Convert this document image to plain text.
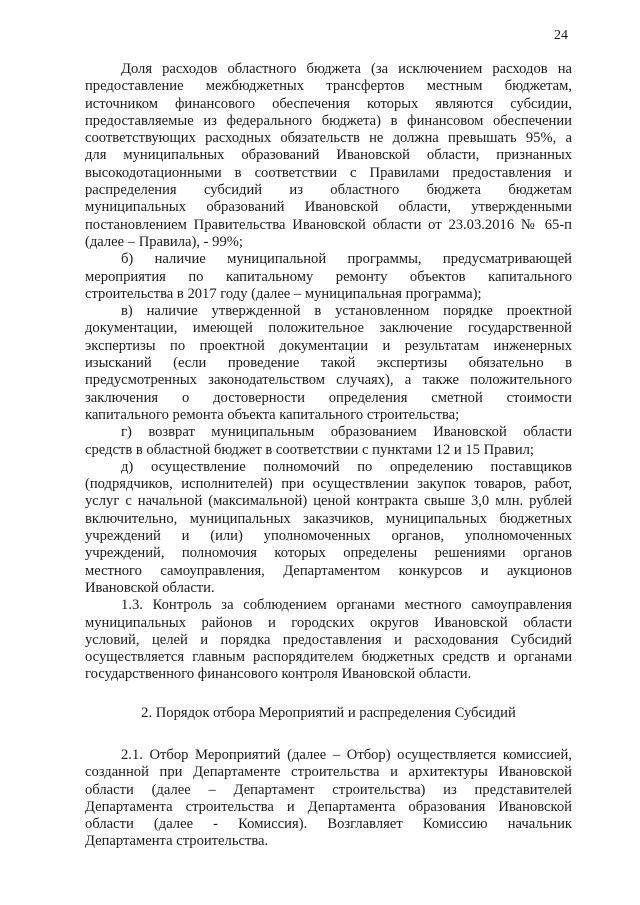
24

Доля расходов областного бюджета (за исключением расходов на

предоставление межбюджетных трансфертов местным бюджетам,

источником финансового обеспечения которых являются субсидии,

предоставляемые из федерального бюджета) в финансовом обеспечении

соответствующих расходных обязательств не должна превышать 95%, а

для муниципальных образований Ивановской области, признанных

высокодотационными в соответствии с Правилами предоставления и

распределения субсидий из областного бюджета бюджетам

муниципальных образований Ивановской области, утвержденными

постановлением Правительства Ивановской области от 23.03.2016 № 65-п

(далее – Правила), - 99%;

б) наличие муниципальной программы, предусматривающей

мероприятия по капитальному ремонту объектов капитального

строительства в 2017 году (далее – муниципальная программа);

в) наличие утвержденной в установленном порядке проектной

документации, имеющей положительное заключение государственной

экспертизы по проектной документации и результатам инженерных

изысканий (если проведение такой экспертизы обязательно в

предусмотренных законодательством случаях), а также положительного

заключения о достоверности определения сметной стоимости

капитального ремонта объекта капитального строительства;

г) возврат муниципальным образованием Ивановской области

средств в областной бюджет в соответствии с пунктами 12 и 15 Правил;

д) осуществление полномочий по определению поставщиков

(подрядчиков, исполнителей) при осуществлении закупок товаров, работ,

услуг с начальной (максимальной) ценой контракта свыше 3,0 млн. рублей

включительно, муниципальных заказчиков, муниципальных бюджетных

учреждений и (или) уполномоченных органов, уполномоченных

учреждений, полномочия которых определены решениями органов

местного самоуправления, Департаментом конкурсов и аукционов

Ивановской области.

1.3. Контроль за соблюдением органами местного самоуправления

муниципальных районов и городских округов Ивановской области

условий, целей и порядка предоставления и расходования Субсидий

осуществляется главным распорядителем бюджетных средств и органами

государственного финансового контроля Ивановской области.

2. Порядок отбора Мероприятий и распределения Субсидий

2.1. Отбор Мероприятий (далее – Отбор) осуществляется комиссией,

созданной при Департаменте строительства и архитектуры Ивановской

области (далее – Департамент строительства) из представителей

Департамента строительства и Департамента образования Ивановской

области (далее - Комиссия). Возглавляет Комиссию начальник

Департамента строительства.
